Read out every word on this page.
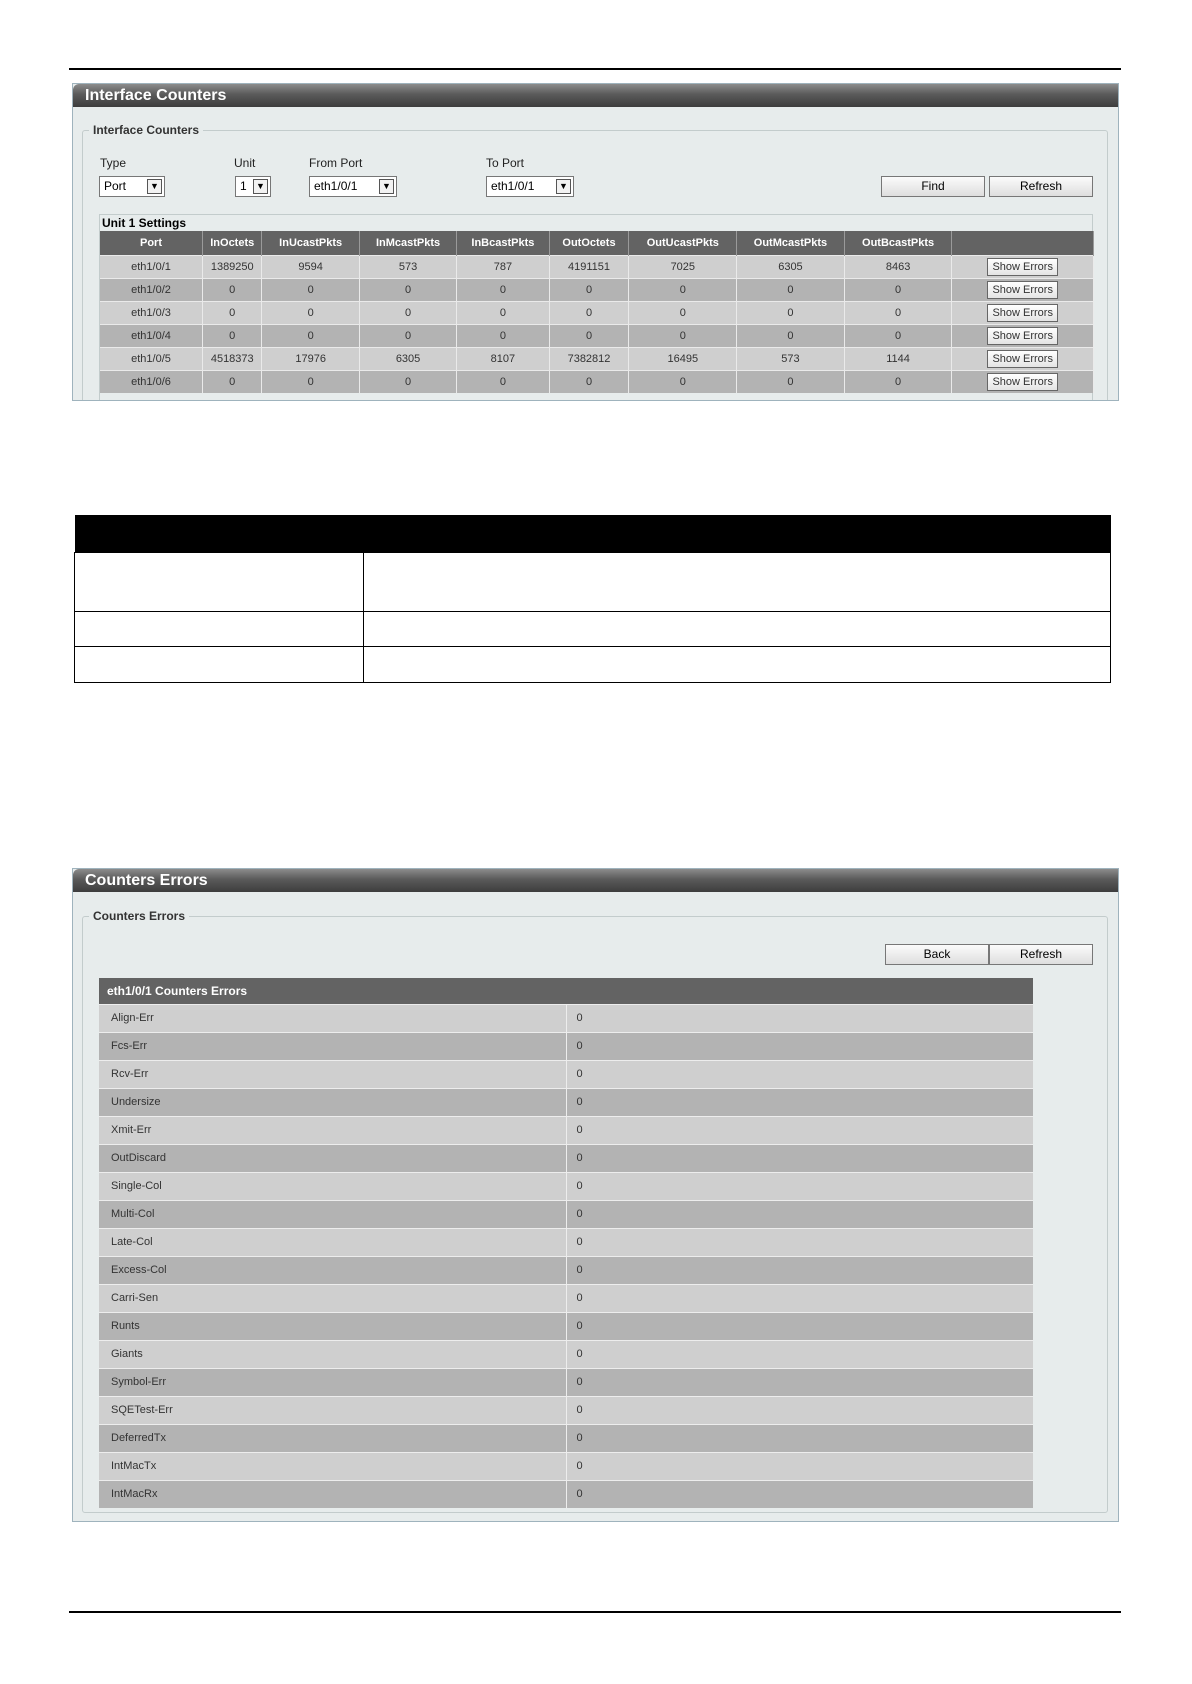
Interface Counters
Interface Counters
Type
Port	▼
Unit
1	▼
From Port
eth1/0/1	▼
To Port
eth1/0/1	▼	Find	Refresh
Unit 1 Settings
Port	InOctets	InUcastPkts	InMcastPkts	InBcastPkts	OutOctets	OutUcastPkts	OutMcastPkts	OutBcastPkts	
eth1/0/1	1389250	9594	573	787	4191151	7025	6305	8463	Show Errors
eth1/0/2	0	0	0	0	0	0	0	0	Show Errors
eth1/0/3	0	0	0	0	0	0	0	0	Show Errors
eth1/0/4	0	0	0	0	0	0	0	0	Show Errors
eth1/0/5	4518373	17976	6305	8107	7382812	16495	573	1144	Show Errors
eth1/0/6	0	0	0	0	0	0	0	0	Show Errors

Counters Errors
Counters Errors
Back	Refresh
eth1/0/1 Counters Errors	
Align-Err	0
Fcs-Err	0
Rcv-Err	0
Undersize	0
Xmit-Err	0
OutDiscard	0
Single-Col	0
Multi-Col	0
Late-Col	0
Excess-Col	0
Carri-Sen	0
Runts	0
Giants	0
Symbol-Err	0
SQETest-Err	0
DeferredTx	0
IntMacTx	0
IntMacRx	0
